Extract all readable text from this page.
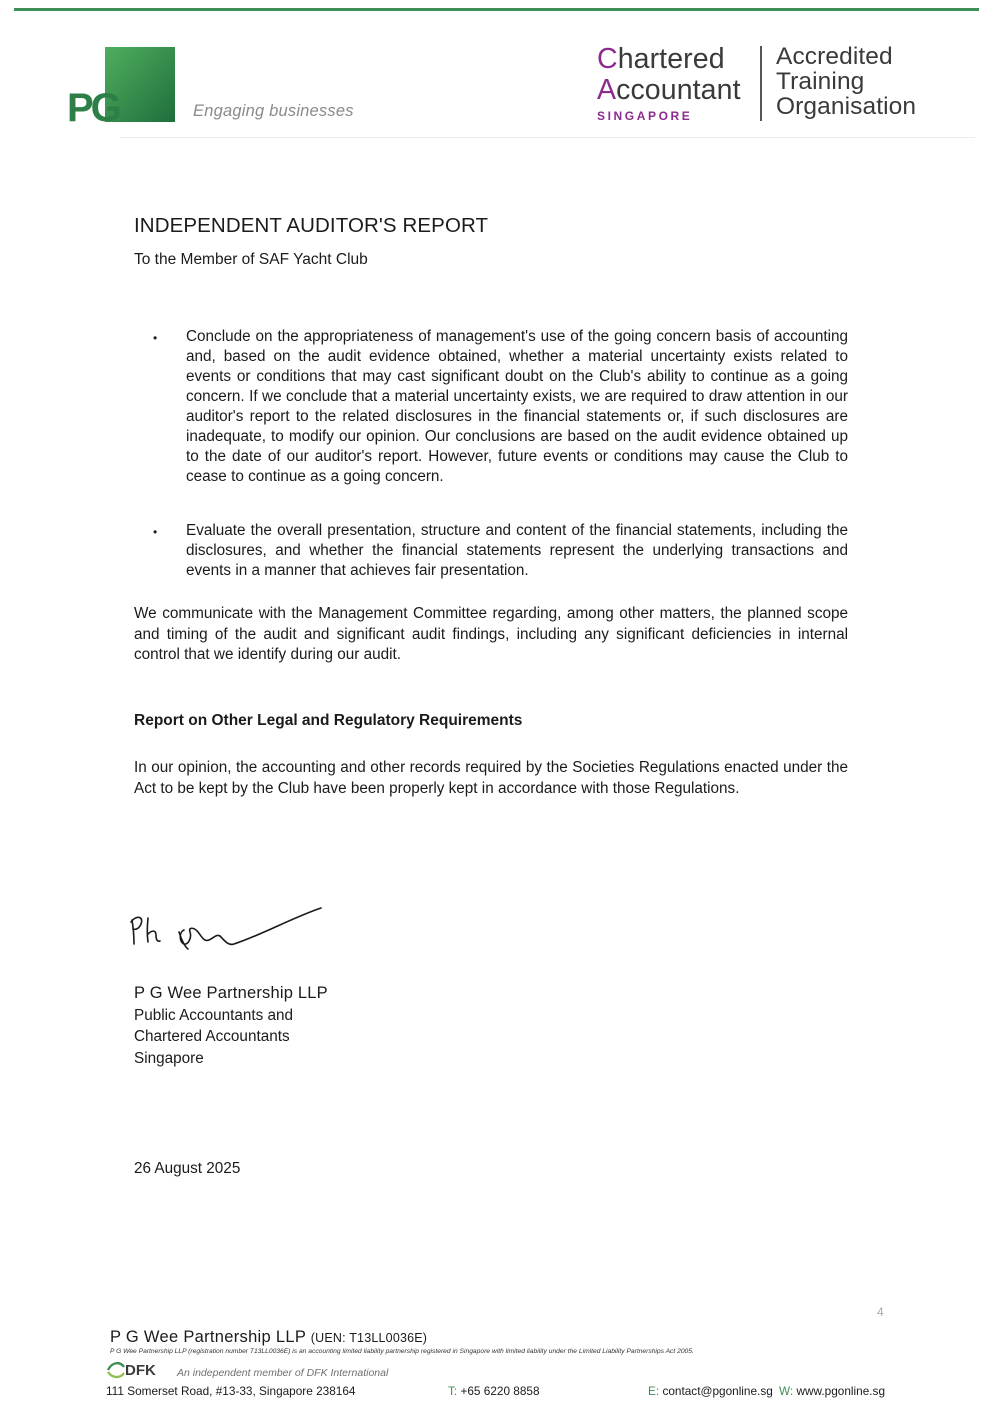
PG	Engaging businesses
Chartered
Accountant
SINGAPORE
Accredited
Training
Organisation
INDEPENDENT AUDITOR'S REPORT
To the Member of SAF Yacht Club
• Conclude on the appropriateness of management's use of the going concern basis of accounting and, based on the audit evidence obtained, whether a material uncertainty exists related to events or conditions that may cast significant doubt on the Club's ability to continue as a going concern. If we conclude that a material uncertainty exists, we are required to draw attention in our auditor's report to the related disclosures in the financial statements or, if such disclosures are inadequate, to modify our opinion. Our conclusions are based on the audit evidence obtained up to the date of our auditor's report. However, future events or conditions may cause the Club to cease to continue as a going concern.
• Evaluate the overall presentation, structure and content of the financial statements, including the disclosures, and whether the financial statements represent the underlying transactions and events in a manner that achieves fair presentation.
We communicate with the Management Committee regarding, among other matters, the planned scope and timing of the audit and significant audit findings, including any significant deficiencies in internal control that we identify during our audit.
Report on Other Legal and Regulatory Requirements
In our opinion, the accounting and other records required by the Societies Regulations enacted under the Act to be kept by the Club have been properly kept in accordance with those Regulations.
P G Wee Partnership LLP
Public Accountants and
Chartered Accountants
Singapore
26 August 2025
4
P G Wee Partnership LLP (UEN: T13LL0036E)
P G Wee Partnership LLP (registration number T13LL0036E) is an accounting limited liability partnership registered in Singapore with limited liability under the Limited Liability Partnerships Act 2005.
DFK An independent member of DFK International
111 Somerset Road, #13-33, Singapore 238164	T: +65 6220 8858	E: contact@pgonline.sg W: www.pgonline.sg
